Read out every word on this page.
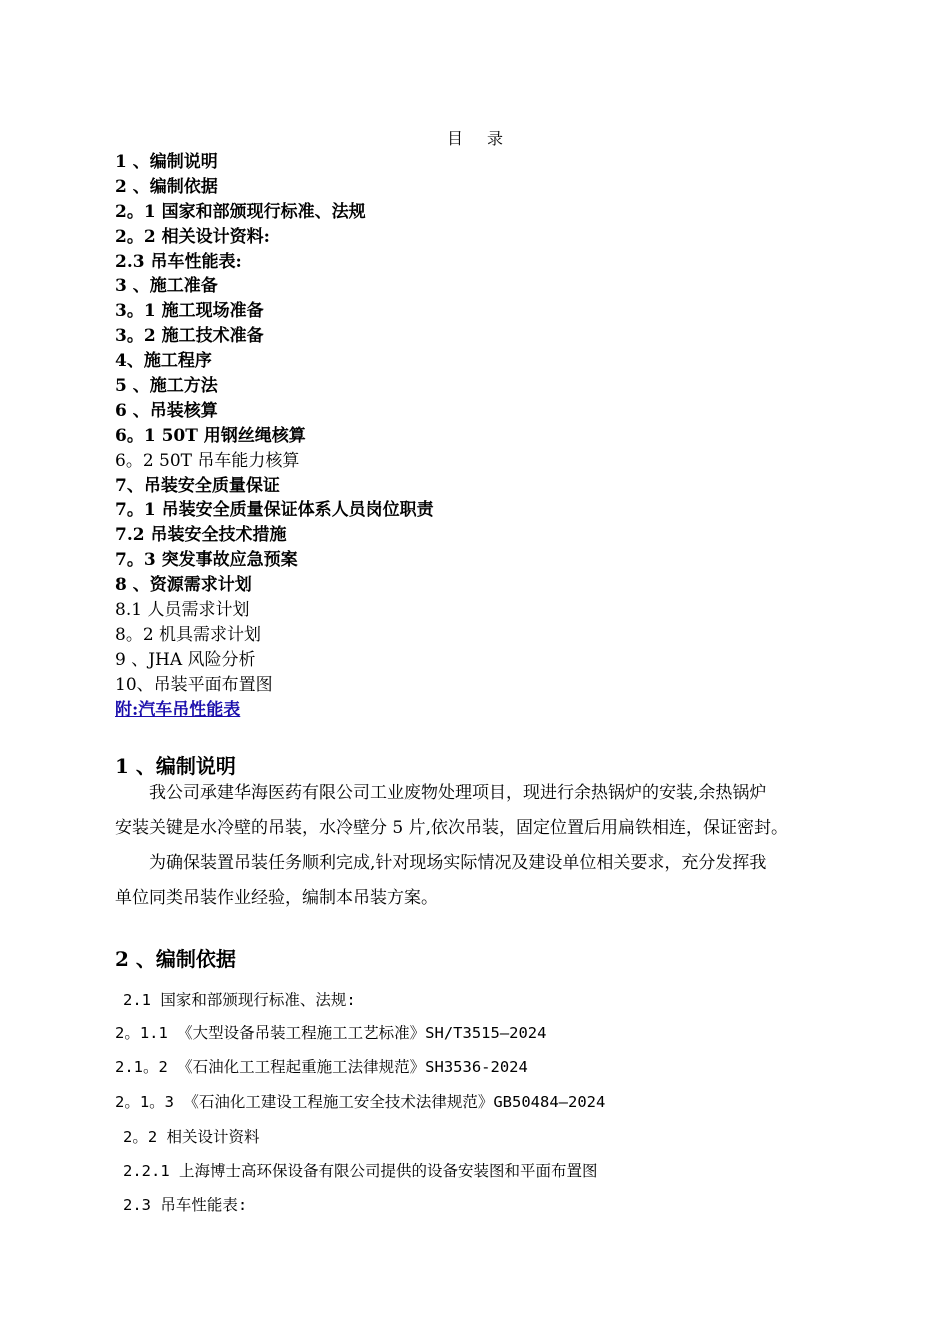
目 录
1 、编制说明
2 、编制依据
2。1 国家和部颁现行标准、法规
2。2 相关设计资料:
2.3 吊车性能表:
3 、施工准备
3。1 施工现场准备
3。2 施工技术准备
4、施工程序
5 、施工方法
6 、吊装核算
6。1 50T 用钢丝绳核算
6。2 50T 吊车能力核算
7、吊装安全质量保证
7。1 吊装安全质量保证体系人员岗位职责
7.2 吊装安全技术措施
7。3 突发事故应急预案
8 、资源需求计划
8.1 人员需求计划
8。2 机具需求计划
9 、JHA 风险分析
10、吊装平面布置图
附:汽车吊性能表
1 、编制说明
我公司承建华海医药有限公司工业废物处理项目，现进行余热锅炉的安装,余热锅炉
安装关键是水冷壁的吊装，水冷壁分 5 片,依次吊装，固定位置后用扁铁相连，保证密封。
为确保装置吊装任务顺利完成,针对现场实际情况及建设单位相关要求，充分发挥我
单位同类吊装作业经验，编制本吊装方案。
2 、编制依据
2.1 国家和部颁现行标准、法规:
2。1.1 《大型设备吊装工程施工工艺标准》SH/T3515—2024
2.1。2 《石油化工工程起重施工法律规范》SH3536-2024
2。1。3 《石油化工建设工程施工安全技术法律规范》GB50484—2024
2。2 相关设计资料
2.2.1 上海博士高环保设备有限公司提供的设备安装图和平面布置图
2.3 吊车性能表:
